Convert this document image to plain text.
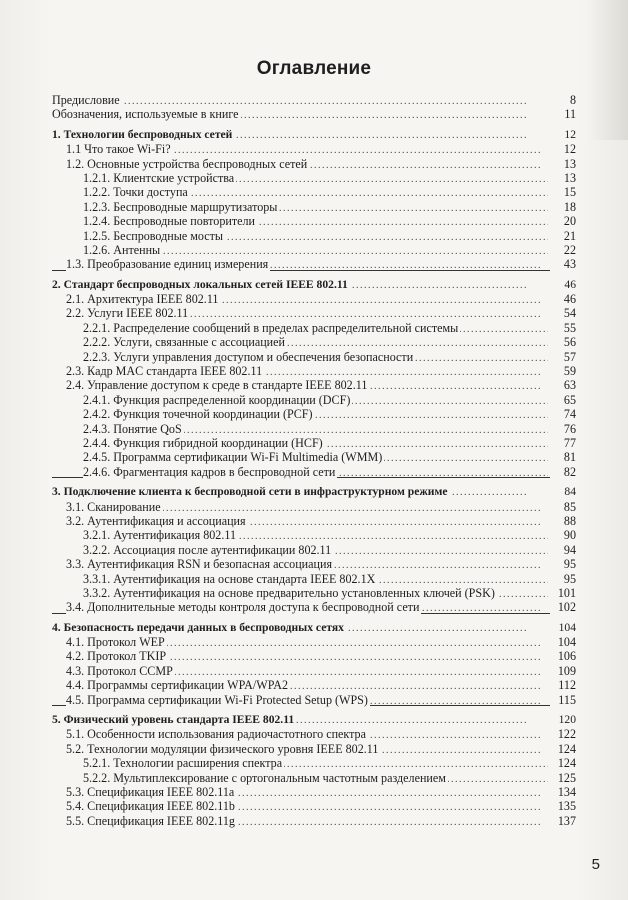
Оглавление
. . .
Предисловие	8
. . .
Обозначения, используемые в книге	11
. . .
1. Технологии беспроводных сетей	12
. . .
1.1 Что такое Wi-Fi?	12
. . .
1.2. Основные устройства беспроводных сетей	13
. . .
1.2.1. Клиентские устройства	13
. . .
1.2.2. Точки доступа	15
. . .
1.2.3. Беспроводные маршрутизаторы	18
. . .
1.2.4. Беспроводные повторители	20
. . .
1.2.5. Беспроводные мосты	21
. . .
1.2.6. Антенны	22
. . .
1.3. Преобразование единиц измерения	43
. . .
2. Стандарт беспроводных локальных сетей IEEE 802.11	46
. . .
2.1. Архитектура IEEE 802.11	46
. . .
2.2. Услуги IEEE 802.11	54
. . .
2.2.1. Распределение сообщений в пределах распределительной системы	55
. . .
2.2.2. Услуги, связанные с ассоциацией	56
. . .
2.2.3. Услуги управления доступом и обеспечения безопасности	57
. . .
2.3. Кадр MAC стандарта IEEE 802.11	59
. . .
2.4. Управление доступом к среде в стандарте IEEE 802.11	63
. . .
2.4.1. Функция распределенной координации (DCF)	65
. . .
2.4.2. Функция точечной координации (PCF)	74
. . .
2.4.3. Понятие QoS	76
. . .
2.4.4. Функция гибридной координации (HCF)	77
. . .
2.4.5. Программа сертификации Wi-Fi Multimedia (WMM)	81
. . .
2.4.6. Фрагментация кадров в беспроводной сети	82
. . .
3. Подключение клиента к беспроводной сети в инфраструктурном режиме	84
. . .
3.1. Сканирование	85
. . .
3.2. Аутентификация и ассоциация	88
. . .
3.2.1. Аутентификация 802.11	90
. . .
3.2.2. Ассоциация после аутентификации 802.11	94
. . .
3.3. Аутентификация RSN и безопасная ассоциация	95
. . .
3.3.1. Аутентификация на основе стандарта IEEE 802.1X	95
. . .
3.3.2. Аутентификация на основе предварительно установленных ключей (PSK)	101
. . .
3.4. Дополнительные методы контроля доступа к беспроводной сети	102
. . .
4. Безопасность передачи данных в беспроводных сетях	104
. . .
4.1. Протокол WEP	104
. . .
4.2. Протокол TKIP	106
. . .
4.3. Протокол CCMP	109
. . .
4.4. Программы сертификации WPA/WPA2	112
. . .
4.5. Программа сертификации Wi-Fi Protected Setup (WPS)	115
. . .
5. Физический уровень стандарта IEEE 802.11	120
. . .
5.1. Особенности использования радиочастотного спектра	122
. . .
5.2. Технологии модуляции физического уровня IEEE 802.11	124
. . .
5.2.1. Технологии расширения спектра	124
. . .
5.2.2. Мультиплексирование с ортогональным частотным разделением	125
. . .
5.3. Спецификация IEEE 802.11a	134
. . .
5.4. Спецификация IEEE 802.11b	135
. . .
5.5. Спецификация IEEE 802.11g	137
5
